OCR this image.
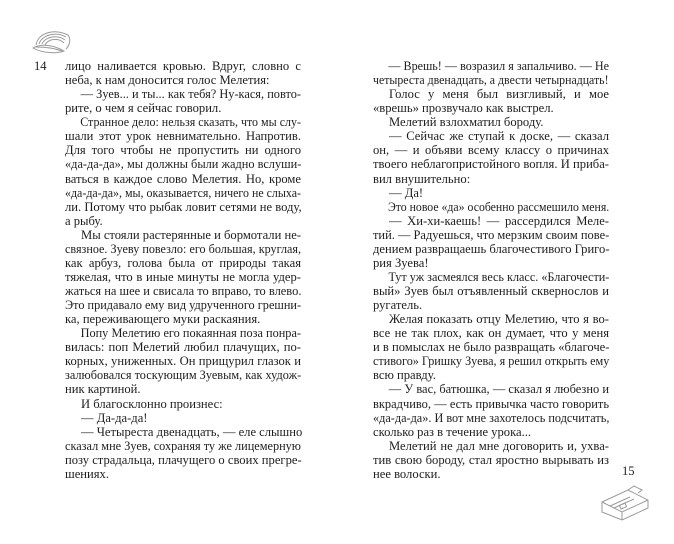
14 лицо наливается кровью. Вдруг, словно с
неба, к нам доносится голос Мелетия:
— Зуев... и ты... как тебя? Ну-кася, повто-
рите, о чем я сейчас говорил.
Странное дело: нельзя сказать, что мы слу-
шали этот урок невнимательно. Напротив.
Для того чтобы не пропустить ни одного
«да-да-да», мы должны были жадно вслуши-
ваться в каждое слово Мелетия. Но, кроме
«да-да-да», мы, оказывается, ничего не слыха-
ли. Потому что рыбак ловит сетями не воду,
а рыбу.
Мы стояли растерянные и бормотали не-
связное. Зуеву повезло: его большая, круглая,
как арбуз, голова была от природы такая
тяжелая, что в иные минуты не могла удер-
жаться на шее и свисала то вправо, то влево.
Это придавало ему вид удрученного грешни-
ка, переживающего муки раскаяния.
Попу Мелетию его покаянная поза понра-
вилась: поп Мелетий любил плачущих, по-
корных, униженных. Он прищурил глазок и
залюбовался тоскующим Зуевым, как худож-
ник картиной.
И благосклонно произнес:
— Да-да-да!
— Четыреста двенадцать, — еле слышно
сказал мне Зуев, сохраняя ту же лицемерную
позу страдальца, плачущего о своих прегре-
шениях.
— Врешь! — возразил я запальчиво. — Не
четыреста двенадцать, а двести четырнадцать!
Голос у меня был визгливый, и мое
«врешь» прозвучало как выстрел.
Мелетий взлохматил бороду.
— Сейчас же ступай к доске, — сказал
он, — и объяви всему классу о причинах
твоего неблагопристойного вопля. И приба-
вил внушительно:
— Да!
Это новое «да» особенно рассмешило меня.
— Хи-хи-каешь! — рассердился Меле-
тий. — Радуешься, что мерзким своим пове-
дением развращаешь благочестивого Григо-
рия Зуева!
Тут уж засмеялся весь класс. «Благочести-
вый» Зуев был отъявленный сквернослов и
ругатель.
Желая показать отцу Мелетию, что я во-
все не так плох, как он думает, что у меня
и в помыслах не было развращать «благоче-
стивого» Гришку Зуева, я решил открыть ему
всю правду.
— У вас, батюшка, — сказал я любезно и
вкрадчиво, — есть привычка часто говорить
«да-да-да». И вот мне захотелось подсчитать,
сколько раз в течение урока...
Мелетий не дал мне договорить и, ухва-
тив свою бороду, стал яростно вырывать из
нее волоски.	15
